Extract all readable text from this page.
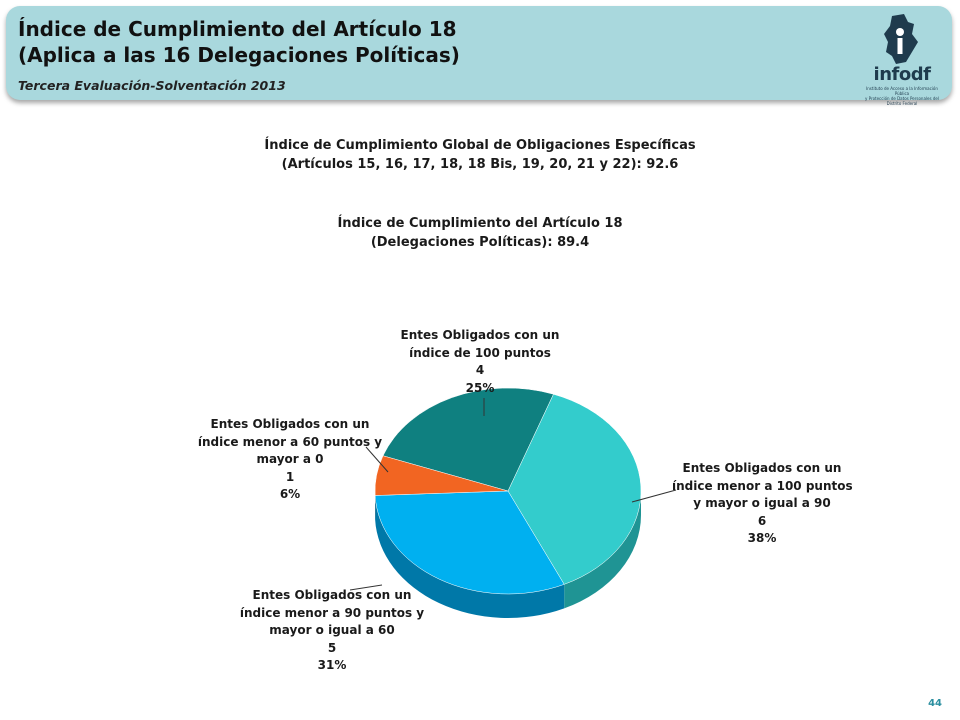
Índice de Cumplimiento del Artículo 18
(Aplica a las 16 Delegaciones Políticas)

Tercera Evaluación-Solventación 2013

infodf
Instituto de Acceso a la Información Pública
y Protección de Datos Personales del Distrito Federal

Índice de Cumplimiento Global de Obligaciones Específicas
(Artículos 15, 16, 17, 18, 18 Bis, 19, 20, 21 y 22): 92.6

Índice de Cumplimiento del Artículo 18
(Delegaciones Políticas): 89.4

Entes Obligados con un
índice de 100 puntos
4
25%
Entes Obligados con un
índice menor a 100 puntos
y mayor o igual a 90
6
38%
Entes Obligados con un
índice menor a 90 puntos y
mayor o igual a 60
5
31%
Entes Obligados con un
índice menor a 60 puntos y
mayor a 0
1
6%
44
